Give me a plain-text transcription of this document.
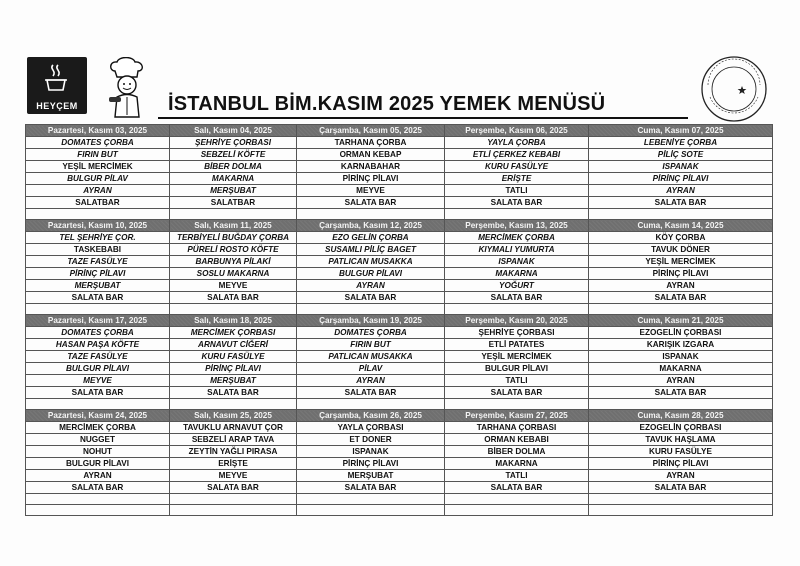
HEYÇEM	İSTANBUL BİM.KASIM 2025 YEMEK MENÜSÜ
Pazartesi, Kasım 03, 2025	Salı, Kasım 04, 2025	Çarşamba, Kasım 05, 2025	Perşembe, Kasım 06, 2025	Cuma, Kasım 07, 2025
DOMATES ÇORBA	ŞEHRİYE ÇORBASI	TARHANA ÇORBA	YAYLA ÇORBA	LEBENİYE ÇORBA
FIRIN BUT	SEBZELİ KÖFTE	ORMAN KEBAP	ETLİ ÇERKEZ KEBABI	PİLİÇ SOTE
YEŞİL MERCİMEK	BİBER DOLMA	KARNABAHAR	KURU FASÜLYE	ISPANAK
BULGUR PİLAV	MAKARNA	PİRİNÇ PİLAVI	ERİŞTE	PİRİNÇ PİLAVI
AYRAN	MERŞUBAT	MEYVE	TATLI	AYRAN
SALATBAR	SALATBAR	SALATA BAR	SALATA BAR	SALATA BAR

Pazartesi, Kasım 10, 2025	Salı, Kasım 11, 2025	Çarşamba, Kasım 12, 2025	Perşembe, Kasım 13, 2025	Cuma, Kasım 14, 2025
TEL ŞEHRİYE ÇOR.	TERBİYELİ BUĞDAY ÇORBA	EZO GELİN ÇORBA	MERCİMEK ÇORBA	KÖY ÇORBA
TASKEBABI	PÜRELİ ROSTO KÖFTE	SUSAMLI PİLİÇ BAGET	KIYMALI YUMURTA	TAVUK DÖNER
TAZE FASÜLYE	BARBUNYA PİLAKİ	PATLICAN MUSAKKA	ISPANAK	YEŞİL MERCİMEK
PİRİNÇ PİLAVI	SOSLU MAKARNA	BULGUR PİLAVI	MAKARNA	PİRİNÇ PİLAVI
MERŞUBAT	MEYVE	AYRAN	YOĞURT	AYRAN
SALATA BAR	SALATA BAR	SALATA BAR	SALATA BAR	SALATA BAR

Pazartesi, Kasım 17, 2025	Salı, Kasım 18, 2025	Çarşamba, Kasım 19, 2025	Perşembe, Kasım 20, 2025	Cuma, Kasım 21, 2025
DOMATES ÇORBA	MERCİMEK ÇORBASI	DOMATES ÇORBA	ŞEHRİYE ÇORBASI	EZOGELİN ÇORBASI
HASAN PAŞA KÖFTE	ARNAVUT CİĞERİ	FIRIN BUT	ETLİ PATATES	KARIŞIK IZGARA
TAZE FASÜLYE	KURU FASÜLYE	PATLICAN MUSAKKA	YEŞİL MERCİMEK	ISPANAK
BULGUR PİLAVI	PİRİNÇ PİLAVI	PİLAV	BULGUR PİLAVI	MAKARNA
MEYVE	MERŞUBAT	AYRAN	TATLI	AYRAN
SALATA BAR	SALATA BAR	SALATA BAR	SALATA BAR	SALATA BAR

Pazartesi, Kasım 24, 2025	Salı, Kasım 25, 2025	Çarşamba, Kasım 26, 2025	Perşembe, Kasım 27, 2025	Cuma, Kasım 28, 2025
MERCİMEK ÇORBA	TAVUKLU ARNAVUT ÇOR	YAYLA ÇORBASI	TARHANA ÇORBASI	EZOGELİN ÇORBASI
NUGGET	SEBZELİ ARAP TAVA	ET DONER	ORMAN KEBABI	TAVUK HAŞLAMA
NOHUT	ZEYTİN YAĞLI PIRASA	ISPANAK	BİBER DOLMA	KURU FASÜLYE
BULGUR PİLAVI	ERİŞTE	PİRİNÇ PİLAVI	MAKARNA	PİRİNÇ PİLAVI
AYRAN	MEYVE	MERŞUBAT	TATLI	AYRAN
SALATA BAR	SALATA BAR	SALATA BAR	SALATA BAR	SALATA BAR
